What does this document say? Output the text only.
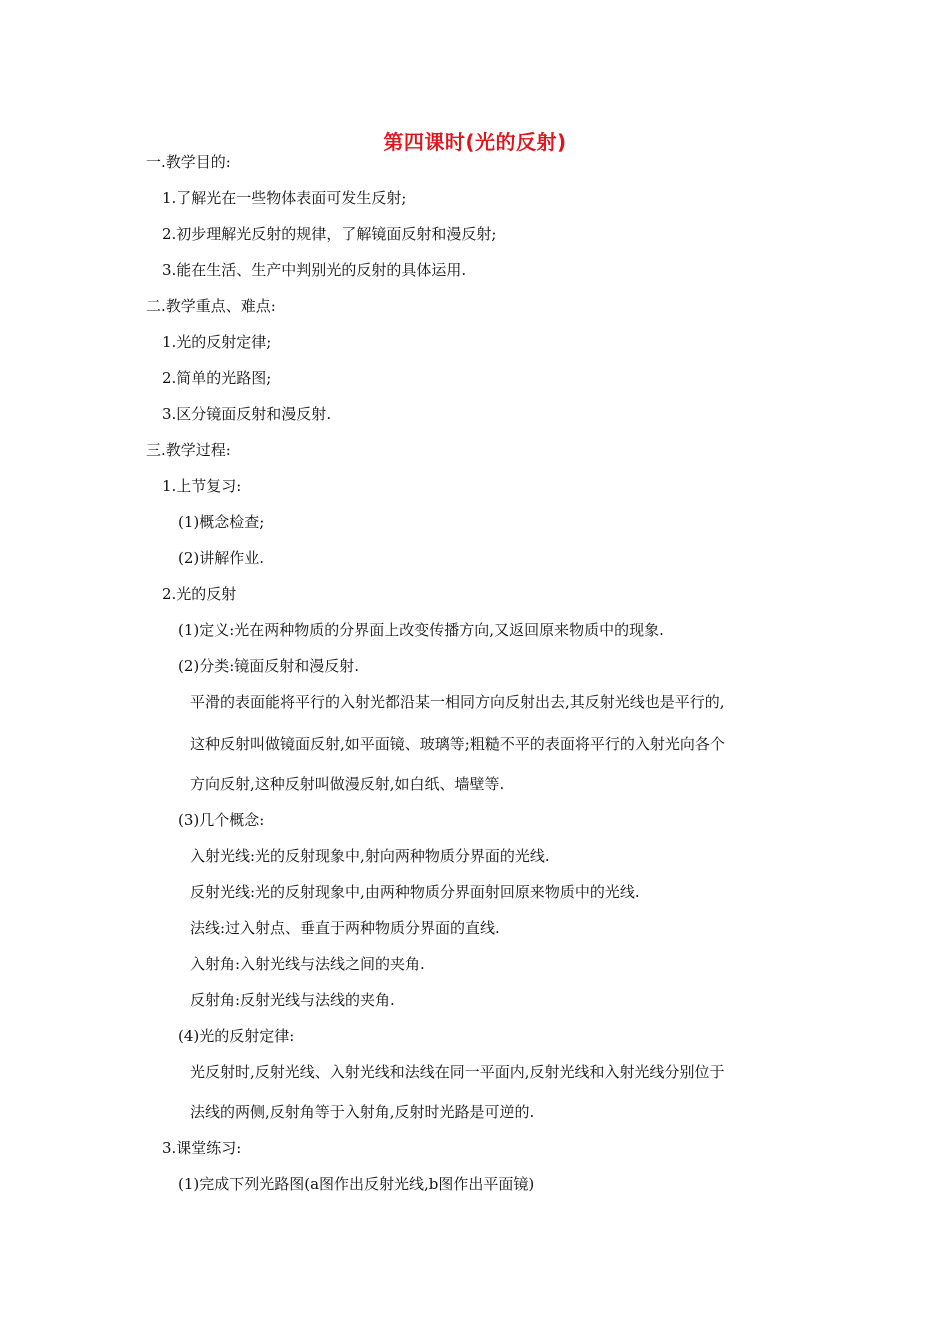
第四课时(光的反射)
一.教学目的:
1.了解光在一些物体表面可发生反射;
2.初步理解光反射的规律，了解镜面反射和漫反射;
3.能在生活、生产中判别光的反射的具体运用.
二.教学重点、难点:
1.光的反射定律;
2.简单的光路图;
3.区分镜面反射和漫反射.
三.教学过程:
1.上节复习:
(1)概念检查;
(2)讲解作业.
2.光的反射
(1)定义:光在两种物质的分界面上改变传播方向,又返回原来物质中的现象.
(2)分类:镜面反射和漫反射.
平滑的表面能将平行的入射光都沿某一相同方向反射出去,其反射光线也是平行的,
这种反射叫做镜面反射,如平面镜、玻璃等;粗糙不平的表面将平行的入射光向各个
方向反射,这种反射叫做漫反射,如白纸、墙壁等.
(3)几个概念:
入射光线:光的反射现象中,射向两种物质分界面的光线.
反射光线:光的反射现象中,由两种物质分界面射回原来物质中的光线.
法线:过入射点、垂直于两种物质分界面的直线.
入射角:入射光线与法线之间的夹角.
反射角:反射光线与法线的夹角.
(4)光的反射定律:
光反射时,反射光线、入射光线和法线在同一平面内,反射光线和入射光线分别位于
法线的两侧,反射角等于入射角,反射时光路是可逆的.
3.课堂练习:
(1)完成下列光路图(a图作出反射光线,b图作出平面镜)
